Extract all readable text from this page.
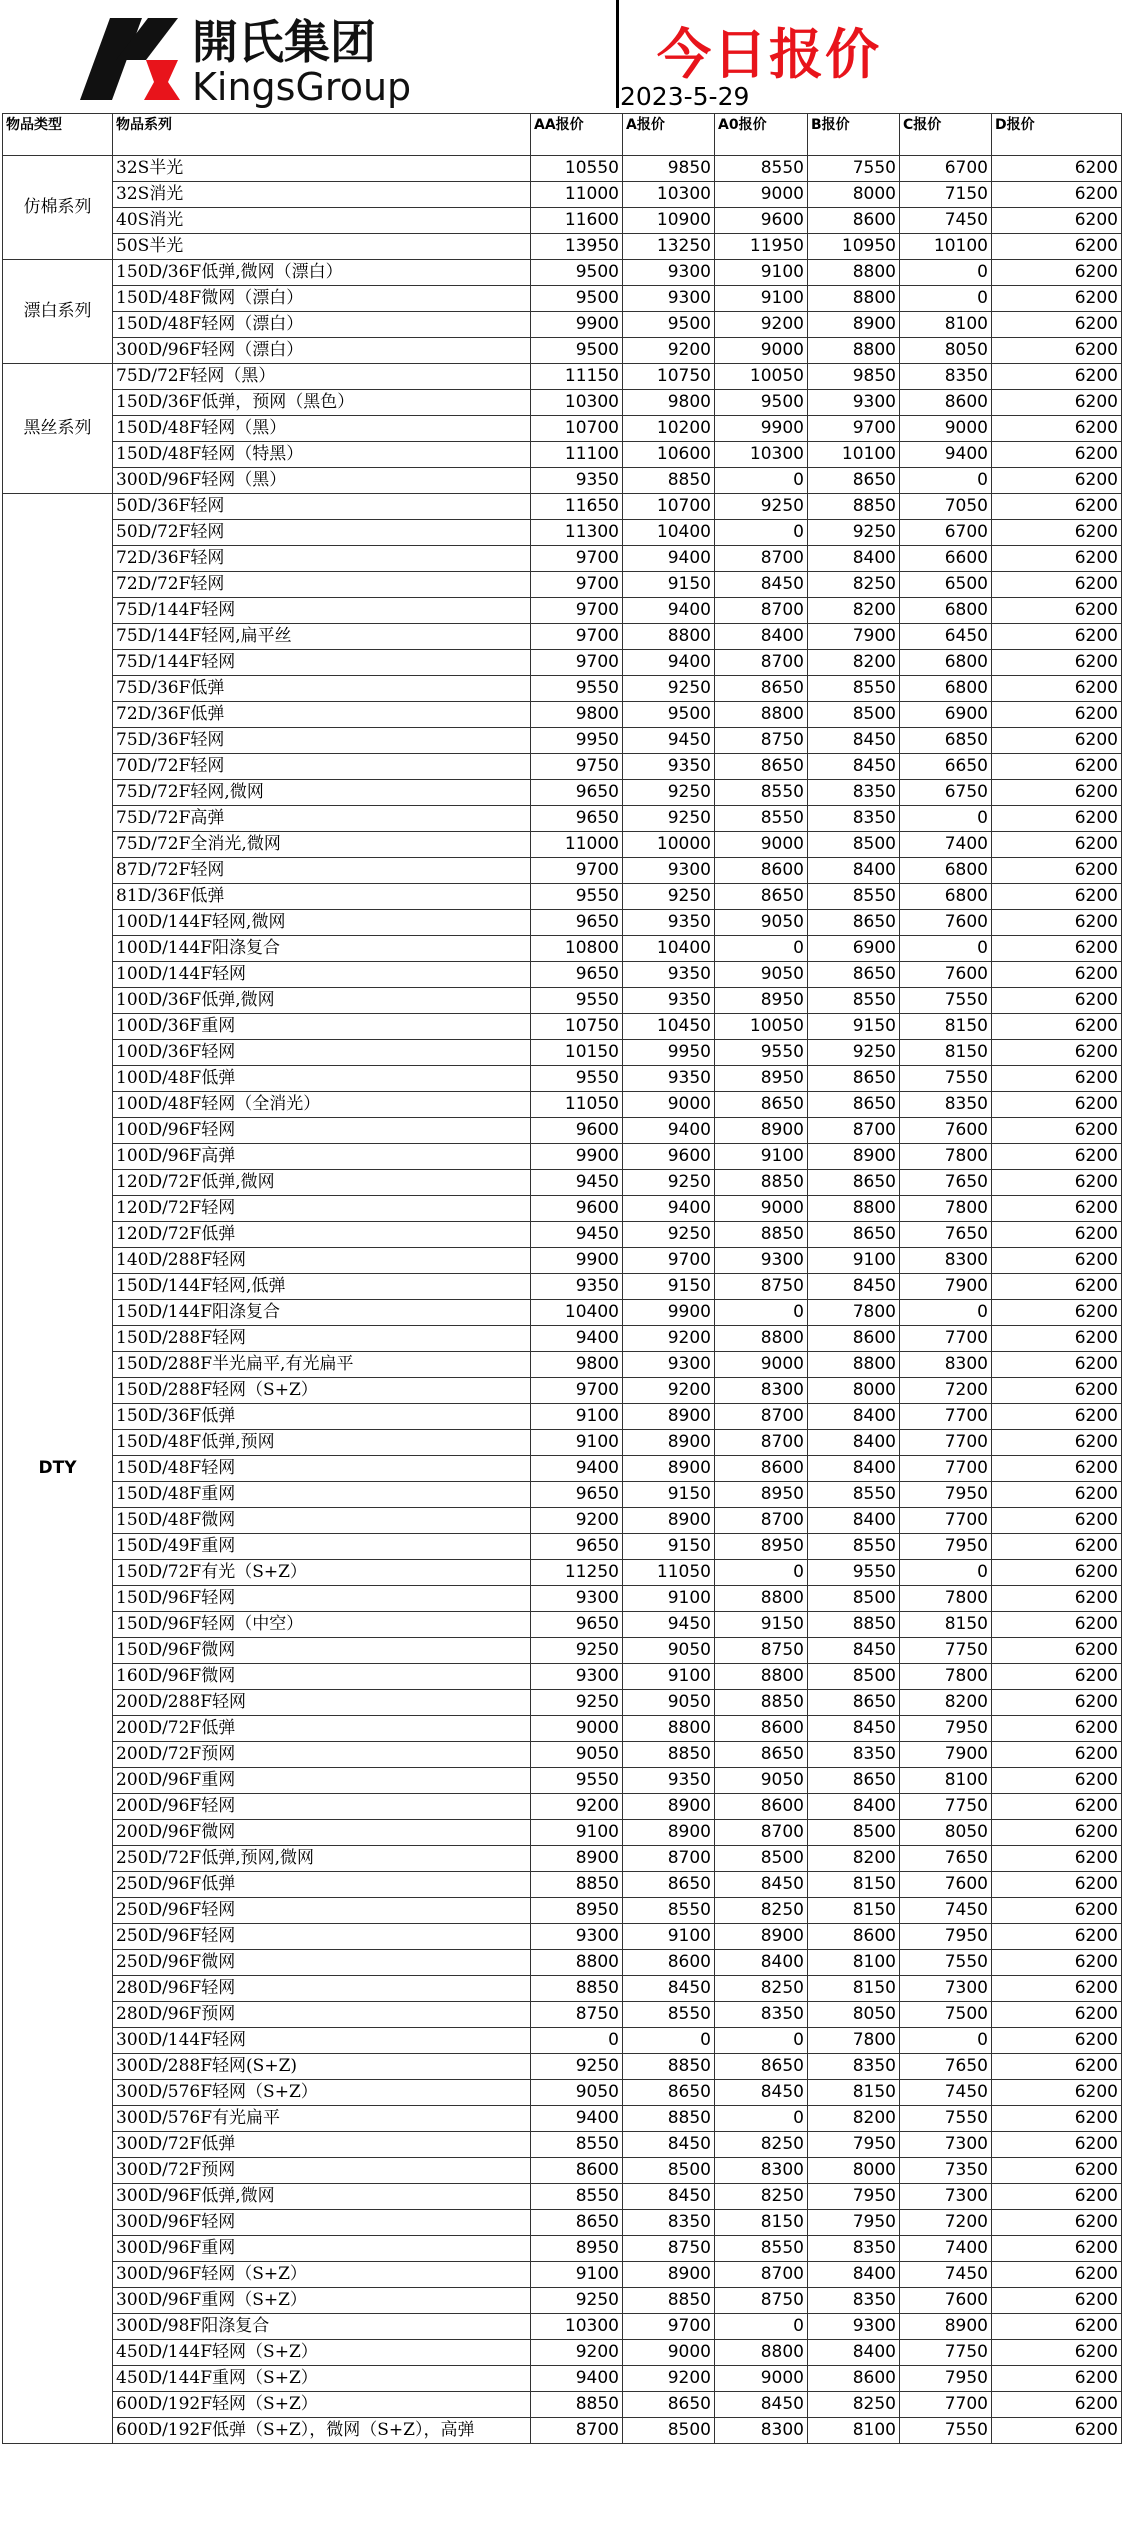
開氏集团
KingsGroup
今日报价
2023-5-29
物品类型	物品系列	AA报价	A报价	A0报价	B报价	C报价	D报价
仿棉系列	32S半光	10550	9850	8550	7550	6700	6200
	32S消光	11000	10300	9000	8000	7150	6200
	40S消光	11600	10900	9600	8600	7450	6200
	50S半光	13950	13250	11950	10950	10100	6200
漂白系列	150D/36F低弹,微网（漂白）	9500	9300	9100	8800	0	6200
	150D/48F微网（漂白）	9500	9300	9100	8800	0	6200
	150D/48F轻网（漂白）	9900	9500	9200	8900	8100	6200
	300D/96F轻网（漂白）	9500	9200	9000	8800	8050	6200
黑丝系列	75D/72F轻网（黑）	11150	10750	10050	9850	8350	6200
	150D/36F低弹，预网（黑色）	10300	9800	9500	9300	8600	6200
	150D/48F轻网（黑）	10700	10200	9900	9700	9000	6200
	150D/48F轻网（特黑）	11100	10600	10300	10100	9400	6200
	300D/96F轻网（黑）	9350	8850	0	8650	0	6200
DTY	50D/36F轻网	11650	10700	9250	8850	7050	6200
	50D/72F轻网	11300	10400	0	9250	6700	6200
	72D/36F轻网	9700	9400	8700	8400	6600	6200
	72D/72F轻网	9700	9150	8450	8250	6500	6200
	75D/144F轻网	9700	9400	8700	8200	6800	6200
	75D/144F轻网,扁平丝	9700	8800	8400	7900	6450	6200
	75D/144F轻网	9700	9400	8700	8200	6800	6200
	75D/36F低弹	9550	9250	8650	8550	6800	6200
	72D/36F低弹	9800	9500	8800	8500	6900	6200
	75D/36F轻网	9950	9450	8750	8450	6850	6200
	70D/72F轻网	9750	9350	8650	8450	6650	6200
	75D/72F轻网,微网	9650	9250	8550	8350	6750	6200
	75D/72F高弹	9650	9250	8550	8350	0	6200
	75D/72F全消光,微网	11000	10000	9000	8500	7400	6200
	87D/72F轻网	9700	9300	8600	8400	6800	6200
	81D/36F低弹	9550	9250	8650	8550	6800	6200
	100D/144F轻网,微网	9650	9350	9050	8650	7600	6200
	100D/144F阳涤复合	10800	10400	0	6900	0	6200
	100D/144F轻网	9650	9350	9050	8650	7600	6200
	100D/36F低弹,微网	9550	9350	8950	8550	7550	6200
	100D/36F重网	10750	10450	10050	9150	8150	6200
	100D/36F轻网	10150	9950	9550	9250	8150	6200
	100D/48F低弹	9550	9350	8950	8650	7550	6200
	100D/48F轻网（全消光）	11050	9000	8650	8650	8350	6200
	100D/96F轻网	9600	9400	8900	8700	7600	6200
	100D/96F高弹	9900	9600	9100	8900	7800	6200
	120D/72F低弹,微网	9450	9250	8850	8650	7650	6200
	120D/72F轻网	9600	9400	9000	8800	7800	6200
	120D/72F低弹	9450	9250	8850	8650	7650	6200
	140D/288F轻网	9900	9700	9300	9100	8300	6200
	150D/144F轻网,低弹	9350	9150	8750	8450	7900	6200
	150D/144F阳涤复合	10400	9900	0	7800	0	6200
	150D/288F轻网	9400	9200	8800	8600	7700	6200
	150D/288F半光扁平,有光扁平	9800	9300	9000	8800	8300	6200
	150D/288F轻网（S+Z）	9700	9200	8300	8000	7200	6200
	150D/36F低弹	9100	8900	8700	8400	7700	6200
	150D/48F低弹,预网	9100	8900	8700	8400	7700	6200
	150D/48F轻网	9400	8900	8600	8400	7700	6200
	150D/48F重网	9650	9150	8950	8550	7950	6200
	150D/48F微网	9200	8900	8700	8400	7700	6200
	150D/49F重网	9650	9150	8950	8550	7950	6200
	150D/72F有光（S+Z）	11250	11050	0	9550	0	6200
	150D/96F轻网	9300	9100	8800	8500	7800	6200
	150D/96F轻网（中空）	9650	9450	9150	8850	8150	6200
	150D/96F微网	9250	9050	8750	8450	7750	6200
	160D/96F微网	9300	9100	8800	8500	7800	6200
	200D/288F轻网	9250	9050	8850	8650	8200	6200
	200D/72F低弹	9000	8800	8600	8450	7950	6200
	200D/72F预网	9050	8850	8650	8350	7900	6200
	200D/96F重网	9550	9350	9050	8650	8100	6200
	200D/96F轻网	9200	8900	8600	8400	7750	6200
	200D/96F微网	9100	8900	8700	8500	8050	6200
	250D/72F低弹,预网,微网	8900	8700	8500	8200	7650	6200
	250D/96F低弹	8850	8650	8450	8150	7600	6200
	250D/96F轻网	8950	8550	8250	8150	7450	6200
	250D/96F轻网	9300	9100	8900	8600	7950	6200
	250D/96F微网	8800	8600	8400	8100	7550	6200
	280D/96F轻网	8850	8450	8250	8150	7300	6200
	280D/96F预网	8750	8550	8350	8050	7500	6200
	300D/144F轻网	0	0	0	7800	0	6200
	300D/288F轻网(S+Z)	9250	8850	8650	8350	7650	6200
	300D/576F轻网（S+Z）	9050	8650	8450	8150	7450	6200
	300D/576F有光扁平	9400	8850	0	8200	7550	6200
	300D/72F低弹	8550	8450	8250	7950	7300	6200
	300D/72F预网	8600	8500	8300	8000	7350	6200
	300D/96F低弹,微网	8550	8450	8250	7950	7300	6200
	300D/96F轻网	8650	8350	8150	7950	7200	6200
	300D/96F重网	8950	8750	8550	8350	7400	6200
	300D/96F轻网（S+Z）	9100	8900	8700	8400	7450	6200
	300D/96F重网（S+Z）	9250	8850	8750	8350	7600	6200
	300D/98F阳涤复合	10300	9700	0	9300	8900	6200
	450D/144F轻网（S+Z）	9200	9000	8800	8400	7750	6200
	450D/144F重网（S+Z）	9400	9200	9000	8600	7950	6200
	600D/192F轻网（S+Z）	8850	8650	8450	8250	7700	6200
	600D/192F低弹（S+Z），微网（S+Z），高弹	8700	8500	8300	8100	7550	6200
